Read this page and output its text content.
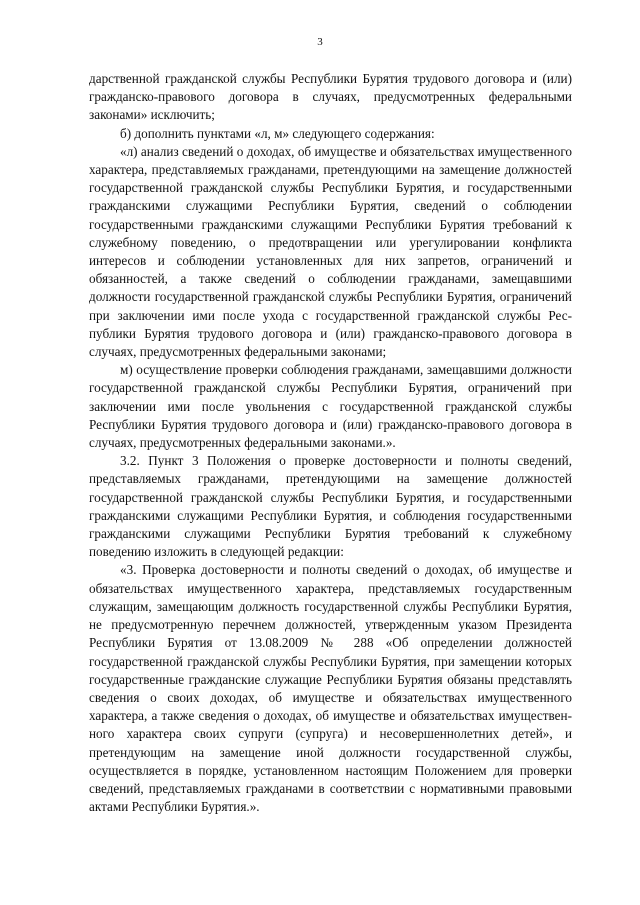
3

дарственной гражданской службы Республики Бурятия трудового договора и (или) гражданско-правового договора в случаях, предусмотренных федеральными законами» исключить;

б) дополнить пунктами «л, м» следующего содержания:

«л) анализ сведений о доходах, об имуществе и обязательствах имущественного характера, представляемых гражданами, претендующими на замещение должностей государственной гражданской службы Республики Бурятия, и государственными гражданскими служащими Республики Бурятия, сведений о соблюдении государственными гражданскими служащими Республики Бурятия требований к служебному поведению, о предотвращении или урегулировании конфликта интересов и соблюдении установленных для них запретов, ограничений и обязанностей, а также сведений о соблюдении гражданами, замещавшими должности государственной гражданской службы Республики Бурятия, ограничений при заключении ими после ухода с государственной гражданской службы Республики Бурятия трудового договора и (или) гражданско-правового договора в случаях, предусмотренных федеральными законами;

м) осуществление проверки соблюдения гражданами, замещавшими должности государственной гражданской службы Республики Бурятия, ограничений при заключении ими после увольнения с государственной гражданской службы Республики Бурятия трудового договора и (или) гражданско-правового договора в случаях, предусмотренных федеральными законами.».

3.2. Пункт 3 Положения о проверке достоверности и полноты сведений, представляемых гражданами, претендующими на замещение должностей государственной гражданской службы Республики Бурятия, и государственными гражданскими служащими Республики Бурятия, и соблюдения государственными гражданскими служащими Республики Бурятия требований к служебному поведению изложить в следующей редакции:

«3. Проверка достоверности и полноты сведений о доходах, об имуществе и обязательствах имущественного характера, представляемых государственным служащим, замещающим должность государственной службы Республики Бурятия, не предусмотренную перечнем должностей, утвержденным указом Президента Республики Бурятия от 13.08.2009 № 288 «Об определении должностей государственной гражданской службы Республики Бурятия, при замещении которых государственные гражданские служащие Республики Бурятия обязаны представлять сведения о своих доходах, об имуществе и обязательствах имущественного характера, а также сведения о доходах, об имуществе и обязательствах имущественного характера своих супруги (супруга) и несовершеннолетних детей», и претендующим на замещение иной должности государственной службы, осуществляется в порядке, установленном настоящим Положением для проверки сведений, представляемых гражданами в соответствии с нормативными правовыми актами Республики Бурятия.».
